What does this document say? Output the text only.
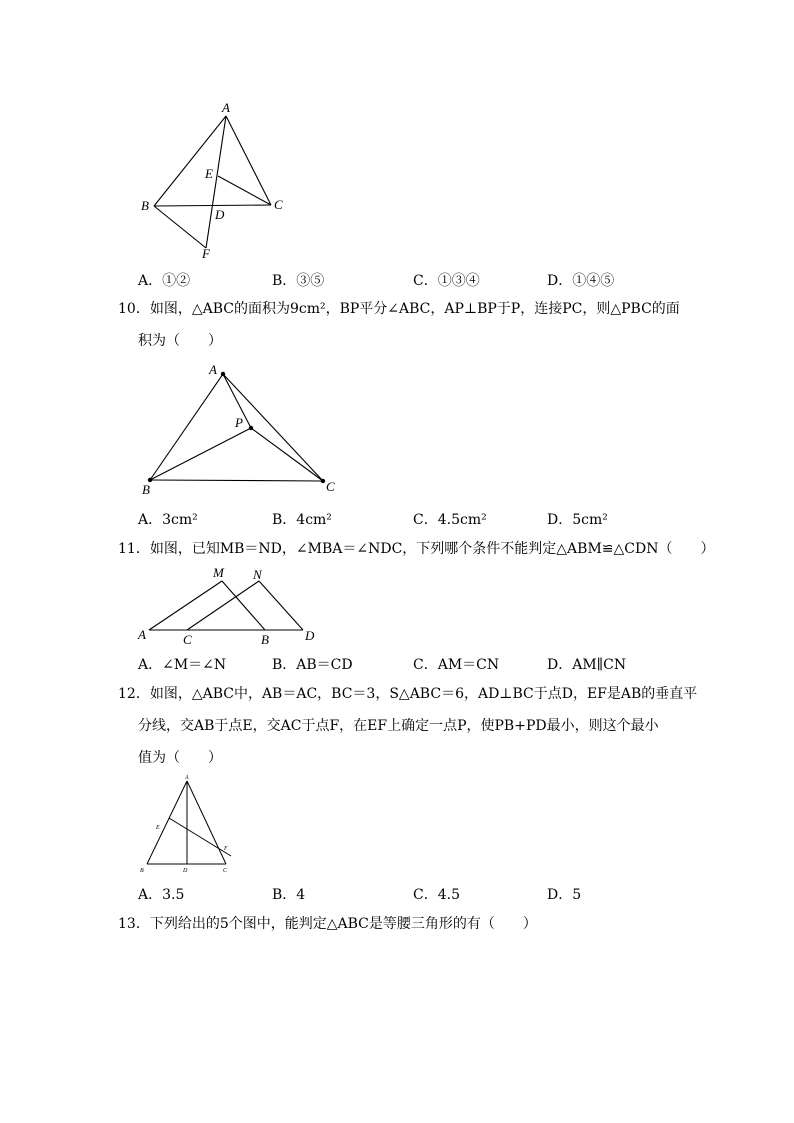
A
B	C
D
E
F
A．①②	B．③⑤	C．①③④	D．①④⑤
10．如图，△ABC的面积为9cm²，BP平分∠ABC，AP⊥BP于P，连接PC，则△PBC的面
积为（　　）
A
B	C
P
A．3cm²	B．4cm²	C．4.5cm²	D．5cm²
11．如图，已知MB＝ND，∠MBA＝∠NDC，下列哪个条件不能判定△ABM≌△CDN（　　）
A	C	B	D
M N
A．∠M＝∠N	B．AB＝CD	C．AM＝CN	D．AM∥CN
12．如图，△ABC中，AB＝AC，BC＝3，S△ABC＝6，AD⊥BC于点D，EF是AB的垂直平
分线，交AB于点E，交AC于点F，在EF上确定一点P，使PB+PD最小，则这个最小
值为（　　）
A
B	C
D
E
F
A．3.5	B．4	C．4.5	D．5
13．下列给出的5个图中，能判定△ABC是等腰三角形的有（　　）
